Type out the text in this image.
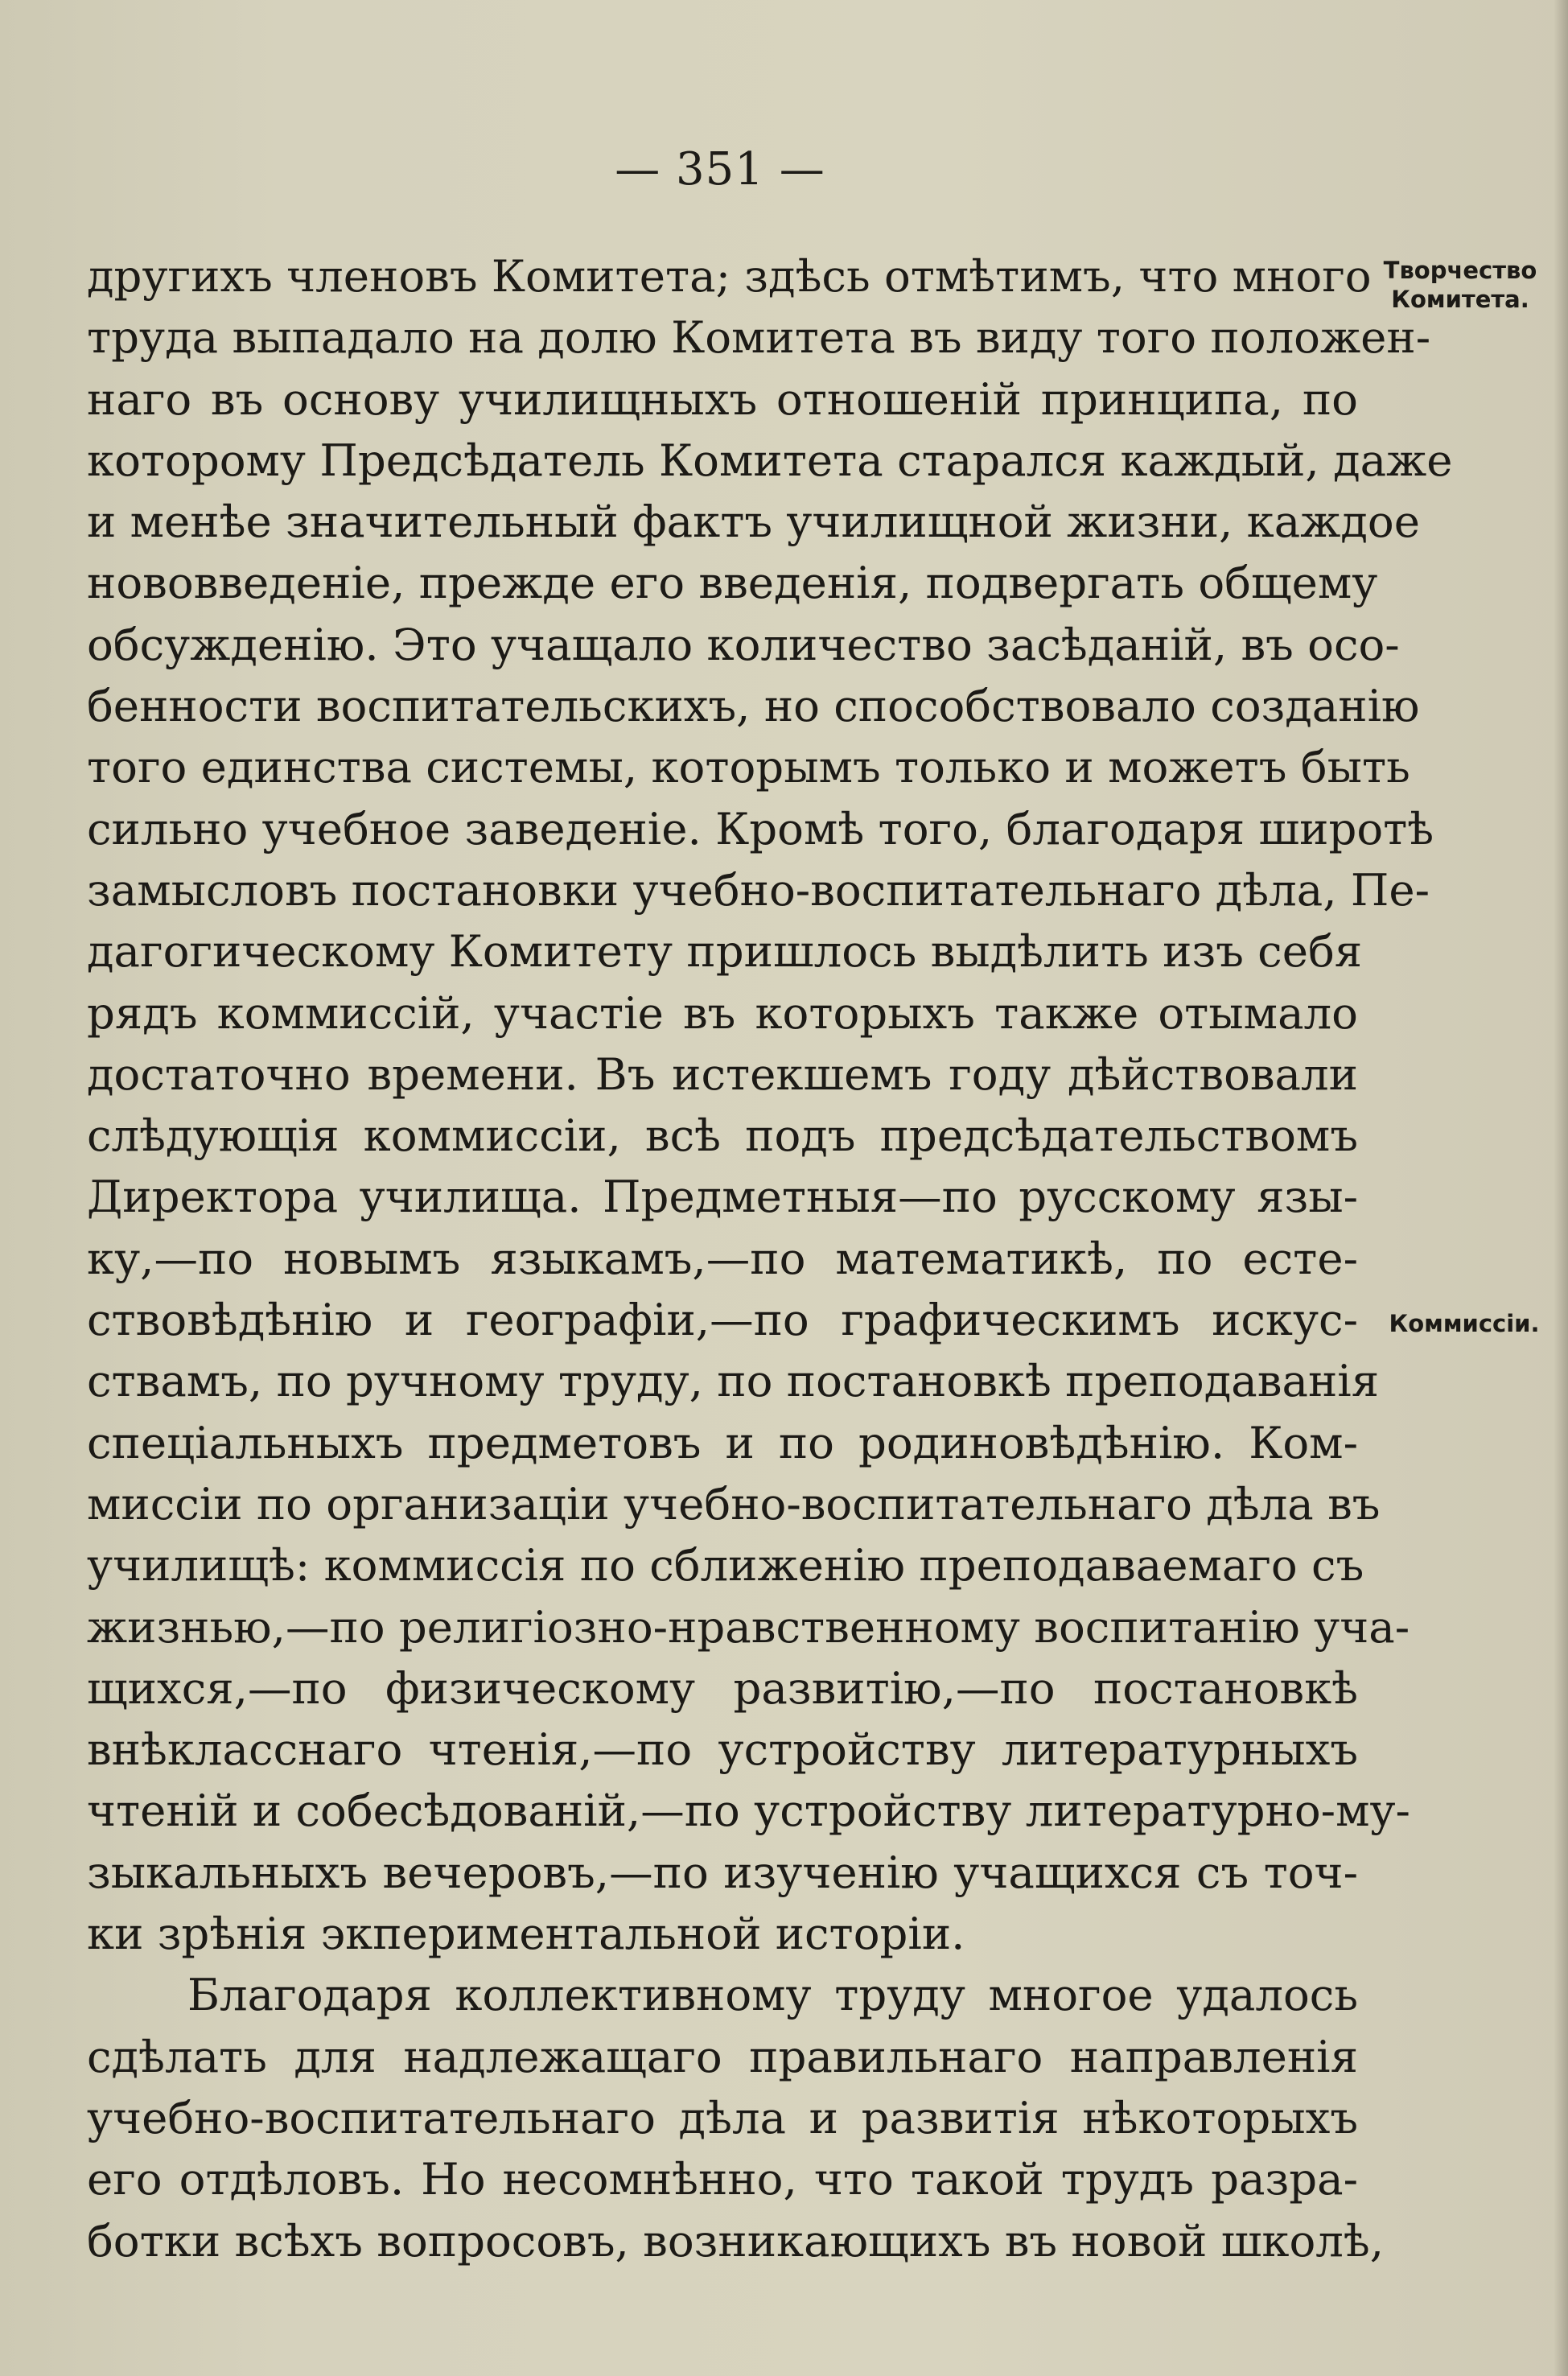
— 351 —
Творчество
Комитета.
Коммиссіи.
другихъ членовъ Комитета; здѣсь отмѣтимъ, что много
труда выпадало на долю Комитета въ виду того положен-
наго въ основу училищныхъ отношеній принципа, по
которому Предсѣдатель Комитета старался каждый, даже
и менѣе значительный фактъ училищной жизни, каждое
нововведеніе, прежде его введенія, подвергать общему
обсужденію. Это учащало количество засѣданій, въ осо-
бенности воспитательскихъ, но способствовало созданію
того единства системы, которымъ только и можетъ быть
сильно учебное заведеніе. Кромѣ того, благодаря широтѣ
замысловъ постановки учебно-воспитательнаго дѣла, Пе-
дагогическому Комитету пришлось выдѣлить изъ себя
рядъ коммиссій, участіе въ которыхъ также отымало
достаточно времени. Въ истекшемъ году дѣйствовали
слѣдующія коммиссіи, всѣ подъ предсѣдательствомъ
Директора училища. Предметныя—по русскому язы-
ку,—по новымъ языкамъ,—по математикѣ, по есте-
ствовѣдѣнію и географіи,—по графическимъ искус-
ствамъ, по ручному труду, по постановкѣ преподаванія
спеціальныхъ предметовъ и по родиновѣдѣнію. Ком-
миссіи по организаціи учебно-воспитательнаго дѣла въ
училищѣ: коммиссія по сближенію преподаваемаго съ
жизнью,—по религіозно-нравственному воспитанію уча-
щихся,—по физическому развитію,—по постановкѣ
внѣкласснаго чтенія,—по устройству литературныхъ
чтеній и собесѣдованій,—по устройству литературно-му-
зыкальныхъ вечеровъ,—по изученію учащихся съ точ-
ки зрѣнія экпериментальной исторіи.
Благодаря коллективному труду многое удалось
сдѣлать для надлежащаго правильнаго направленія
учебно-воспитательнаго дѣла и развитія нѣкоторыхъ
его отдѣловъ. Но несомнѣнно, что такой трудъ разра-
ботки всѣхъ вопросовъ, возникающихъ въ новой школѣ,
